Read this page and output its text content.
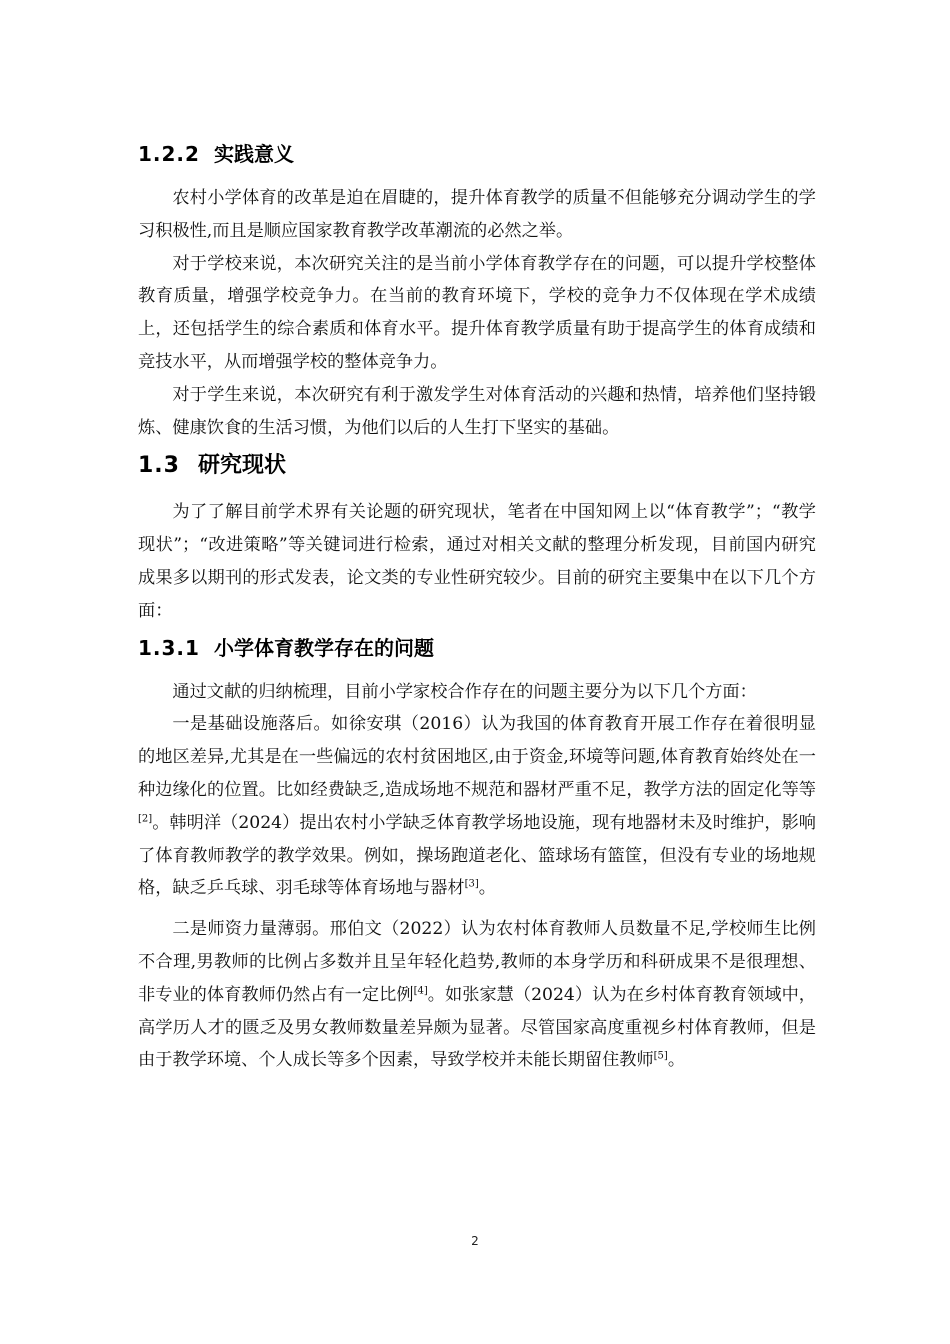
1.2.2 实践意义

农村小学体育的改革是迫在眉睫的，提升体育教学的质量不但能够充分调动学生的学习积极性,而且是顺应国家教育教学改革潮流的必然之举。

对于学校来说，本次研究关注的是当前小学体育教学存在的问题，可以提升学校整体教育质量，增强学校竞争力。在当前的教育环境下，学校的竞争力不仅体现在学术成绩上，还包括学生的综合素质和体育水平。提升体育教学质量有助于提高学生的体育成绩和竞技水平，从而增强学校的整体竞争力。

对于学生来说，本次研究有利于激发学生对体育活动的兴趣和热情，培养他们坚持锻炼、健康饮食的生活习惯，为他们以后的人生打下坚实的基础。

1.3 研究现状

为了了解目前学术界有关论题的研究现状，笔者在中国知网上以“体育教学”；“教学现状”；“改进策略”等关键词进行检索，通过对相关文献的整理分析发现，目前国内研究成果多以期刊的形式发表，论文类的专业性研究较少。目前的研究主要集中在以下几个方面：

1.3.1 小学体育教学存在的问题

通过文献的归纳梳理，目前小学家校合作存在的问题主要分为以下几个方面：

一是基础设施落后。如徐安琪（2016）认为我国的体育教育开展工作存在着很明显的地区差异,尤其是在一些偏远的农村贫困地区,由于资金,环境等问题,体育教育始终处在一种边缘化的位置。比如经费缺乏,造成场地不规范和器材严重不足，教学方法的固定化等等[2]。韩明洋（2024）提出农村小学缺乏体育教学场地设施，现有地器材未及时维护，影响了体育教师教学的教学效果。例如，操场跑道老化、篮球场有篮筐，但没有专业的场地规格，缺乏乒乓球、羽毛球等体育场地与器材[3]。

二是师资力量薄弱。邢伯文（2022）认为农村体育教师人员数量不足,学校师生比例不合理,男教师的比例占多数并且呈年轻化趋势,教师的本身学历和科研成果不是很理想、非专业的体育教师仍然占有一定比例[4]。如张家慧（2024）认为在乡村体育教育领域中，高学历人才的匮乏及男女教师数量差异颇为显著。尽管国家高度重视乡村体育教师，但是由于教学环境、个人成长等多个因素，导致学校并未能长期留住教师[5]。

2
